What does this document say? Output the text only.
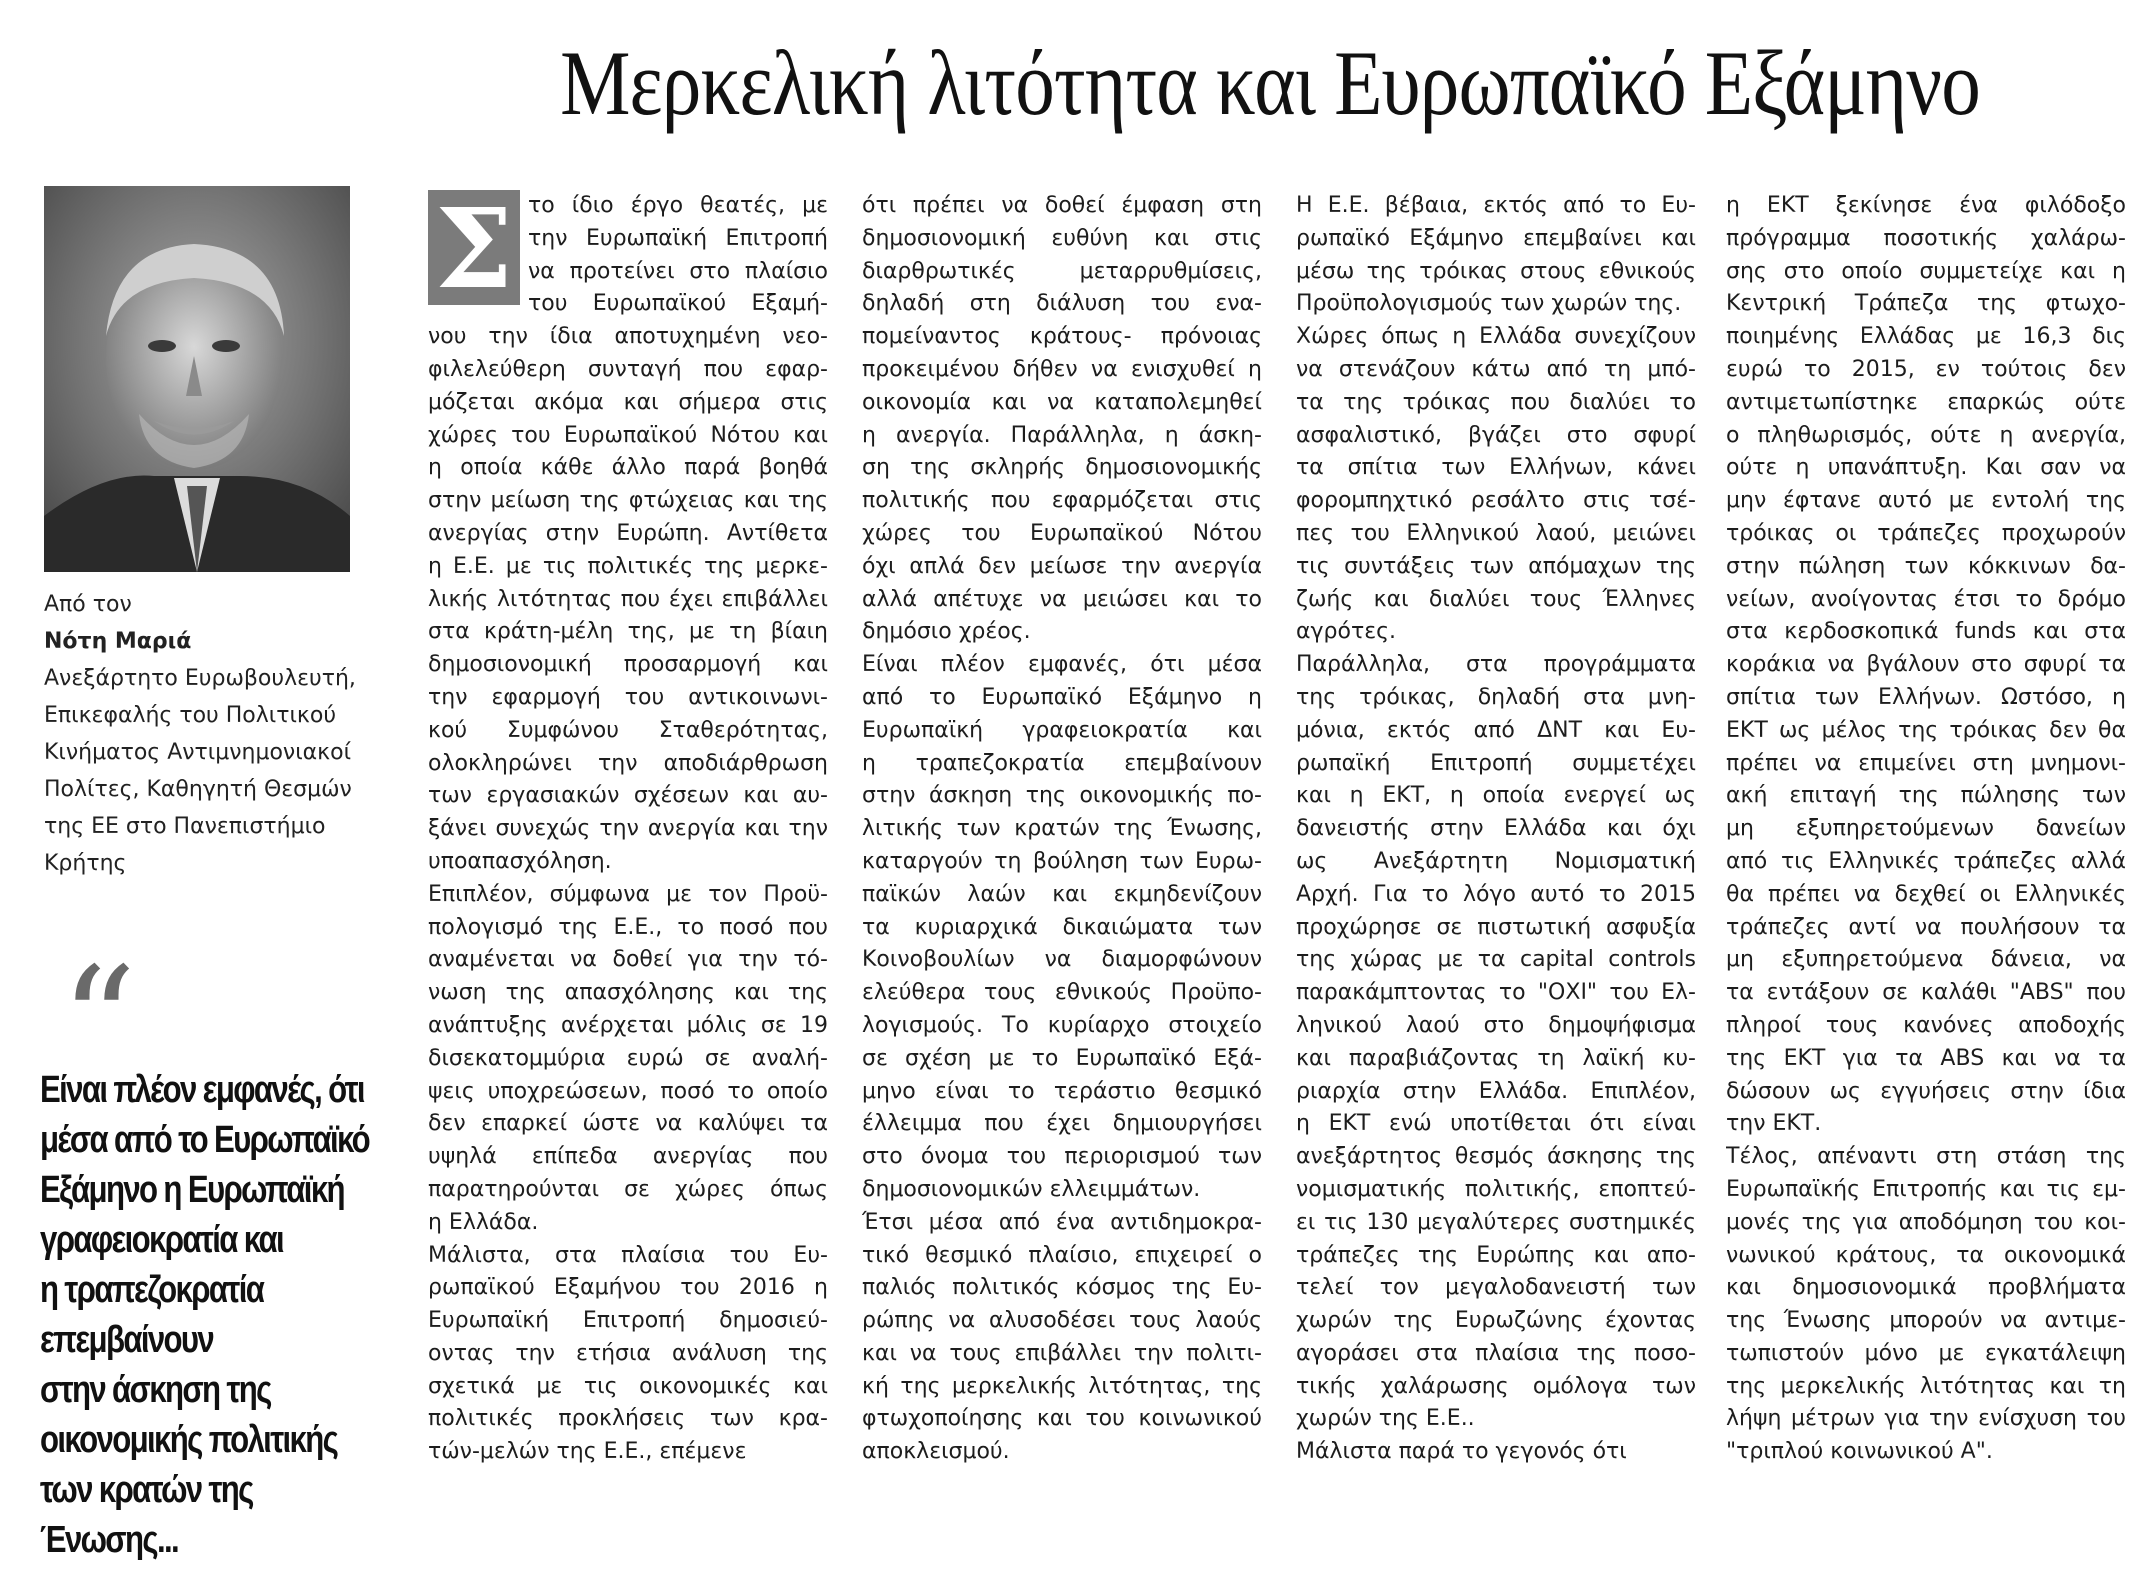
Μερκελική λιτότητα και Ευρωπαϊκό Εξάμηνο
Από τον
Νότη Μαριά
Ανεξάρτητο Ευρωβουλευτή,
Επικεφαλής του Πολιτικού
Κινήματος Αντιμνημονιακοί
Πολίτες, Καθηγητή Θεσμών
της ΕΕ στο Πανεπιστήμιο
Κρήτης
“
Είναι πλέον εμφανές, ότι
μέσα από το Ευρωπαϊκό
Εξάμηνο η Ευρωπαϊκή
γραφειοκρατία και
η τραπεζοκρατία
επεμβαίνουν
στην άσκηση της
οικονομικής πολιτικής
των κρατών της
Ένωσης...
Σ το ίδιο έργο θεατές, με
την Ευρωπαϊκή Επιτροπή
να προτείνει στο πλαίσιο
του Ευρωπαϊκού Εξαμή-
νου την ίδια αποτυχημένη νεο-
φιλελεύθερη συνταγή που εφαρ-
μόζεται ακόμα και σήμερα στις
χώρες του Ευρωπαϊκού Νότου και
η οποία κάθε άλλο παρά βοηθά
στην μείωση της φτώχειας και της
ανεργίας στην Ευρώπη. Αντίθετα
η Ε.Ε. με τις πολιτικές της μερκε-
λικής λιτότητας που έχει επιβάλλει
στα κράτη-μέλη της, με τη βίαιη
δημοσιονομική προσαρμογή και
την εφαρμογή του αντικοινωνι-
κού Συμφώνου Σταθερότητας,
ολοκληρώνει την αποδιάρθρωση
των εργασιακών σχέσεων και αυ-
ξάνει συνεχώς την ανεργία και την
υποαπασχόληση.
Επιπλέον, σύμφωνα με τον Προϋ-
πολογισμό της Ε.Ε., το ποσό που
αναμένεται να δοθεί για την τό-
νωση της απασχόλησης και της
ανάπτυξης ανέρχεται μόλις σε 19
δισεκατομμύρια ευρώ σε αναλή-
ψεις υποχρεώσεων, ποσό το οποίο
δεν επαρκεί ώστε να καλύψει τα
υψηλά επίπεδα ανεργίας που
παρατηρούνται σε χώρες όπως
η Ελλάδα.
Μάλιστα, στα πλαίσια του Ευ-
ρωπαϊκού Εξαμήνου του 2016 η
Ευρωπαϊκή Επιτροπή δημοσιεύ-
οντας την ετήσια ανάλυση της
σχετικά με τις οικονομικές και
πολιτικές προκλήσεις των κρα-
τών-μελών της Ε.Ε., επέμενε
ότι πρέπει να δοθεί έμφαση στη
δημοσιονομική ευθύνη και στις
διαρθρωτικές μεταρρυθμίσεις,
δηλαδή στη διάλυση του ενα-
πομείναντος κράτους- πρόνοιας
προκειμένου δήθεν να ενισχυθεί η
οικονομία και να καταπολεμηθεί
η ανεργία. Παράλληλα, η άσκη-
ση της σκληρής δημοσιονομικής
πολιτικής που εφαρμόζεται στις
χώρες του Ευρωπαϊκού Νότου
όχι απλά δεν μείωσε την ανεργία
αλλά απέτυχε να μειώσει και το
δημόσιο χρέος.
Είναι πλέον εμφανές, ότι μέσα
από το Ευρωπαϊκό Εξάμηνο η
Ευρωπαϊκή γραφειοκρατία και
η τραπεζοκρατία επεμβαίνουν
στην άσκηση της οικονομικής πο-
λιτικής των κρατών της Ένωσης,
καταργούν τη βούληση των Ευρω-
παϊκών λαών και εκμηδενίζουν
τα κυριαρχικά δικαιώματα των
Κοινοβουλίων να διαμορφώνουν
ελεύθερα τους εθνικούς Προϋπο-
λογισμούς. Το κυρίαρχο στοιχείο
σε σχέση με το Ευρωπαϊκό Εξά-
μηνο είναι το τεράστιο θεσμικό
έλλειμμα που έχει δημιουργήσει
στο όνομα του περιορισμού των
δημοσιονομικών ελλειμμάτων.
Έτσι μέσα από ένα αντιδημοκρα-
τικό θεσμικό πλαίσιο, επιχειρεί ο
παλιός πολιτικός κόσμος της Ευ-
ρώπης να αλυσοδέσει τους λαούς
και να τους επιβάλλει την πολιτι-
κή της μερκελικής λιτότητας, της
φτωχοποίησης και του κοινωνικού
αποκλεισμού.
Η Ε.Ε. βέβαια, εκτός από το Ευ-
ρωπαϊκό Εξάμηνο επεμβαίνει και
μέσω της τρόικας στους εθνικούς
Προϋπολογισμούς των χωρών της.
Χώρες όπως η Ελλάδα συνεχίζουν
να στενάζουν κάτω από τη μπό-
τα της τρόικας που διαλύει το
ασφαλιστικό, βγάζει στο σφυρί
τα σπίτια των Ελλήνων, κάνει
φορομπηχτικό ρεσάλτο στις τσέ-
πες του Ελληνικού λαού, μειώνει
τις συντάξεις των απόμαχων της
ζωής και διαλύει τους Έλληνες
αγρότες.
Παράλληλα, στα προγράμματα
της τρόικας, δηλαδή στα μνη-
μόνια, εκτός από ΔΝΤ και Ευ-
ρωπαϊκή Επιτροπή συμμετέχει
και η ΕΚΤ, η οποία ενεργεί ως
δανειστής στην Ελλάδα και όχι
ως Ανεξάρτητη Νομισματική
Αρχή. Για το λόγο αυτό το 2015
προχώρησε σε πιστωτική ασφυξία
της χώρας με τα capital controls
παρακάμπτοντας το "ΟΧΙ" του Ελ-
ληνικού λαού στο δημοψήφισμα
και παραβιάζοντας τη λαϊκή κυ-
ριαρχία στην Ελλάδα. Επιπλέον,
η ΕΚΤ ενώ υποτίθεται ότι είναι
ανεξάρτητος θεσμός άσκησης της
νομισματικής πολιτικής, εποπτεύ-
ει τις 130 μεγαλύτερες συστημικές
τράπεζες της Ευρώπης και απο-
τελεί τον μεγαλοδανειστή των
χωρών της Ευρωζώνης έχοντας
αγοράσει στα πλαίσια της ποσο-
τικής χαλάρωσης ομόλογα των
χωρών της Ε.Ε..
Μάλιστα παρά το γεγονός ότι
η ΕΚΤ ξεκίνησε ένα φιλόδοξο
πρόγραμμα ποσοτικής χαλάρω-
σης στο οποίο συμμετείχε και η
Κεντρική Τράπεζα της φτωχο-
ποιημένης Ελλάδας με 16,3 δις
ευρώ το 2015, εν τούτοις δεν
αντιμετωπίστηκε επαρκώς ούτε
ο πληθωρισμός, ούτε η ανεργία,
ούτε η υπανάπτυξη. Και σαν να
μην έφτανε αυτό με εντολή της
τρόικας οι τράπεζες προχωρούν
στην πώληση των κόκκινων δα-
νείων, ανοίγοντας έτσι το δρόμο
στα κερδοσκοπικά funds και στα
κοράκια να βγάλουν στο σφυρί τα
σπίτια των Ελλήνων. Ωστόσο, η
ΕΚΤ ως μέλος της τρόικας δεν θα
πρέπει να επιμείνει στη μνημονι-
ακή επιταγή της πώλησης των
μη εξυπηρετούμενων δανείων
από τις Ελληνικές τράπεζες αλλά
θα πρέπει να δεχθεί οι Ελληνικές
τράπεζες αντί να πουλήσουν τα
μη εξυπηρετούμενα δάνεια, να
τα εντάξουν σε καλάθι "ABS" που
πληροί τους κανόνες αποδοχής
της ΕΚΤ για τα ABS και να τα
δώσουν ως εγγυήσεις στην ίδια
την ΕΚΤ.
Τέλος, απέναντι στη στάση της
Ευρωπαϊκής Επιτροπής και τις εμ-
μονές της για αποδόμηση του κοι-
νωνικού κράτους, τα οικονομικά
και δημοσιονομικά προβλήματα
της Ένωσης μπορούν να αντιμε-
τωπιστούν μόνο με εγκατάλειψη
της μερκελικής λιτότητας και τη
λήψη μέτρων για την ενίσχυση του
"τριπλού κοινωνικού Α".
